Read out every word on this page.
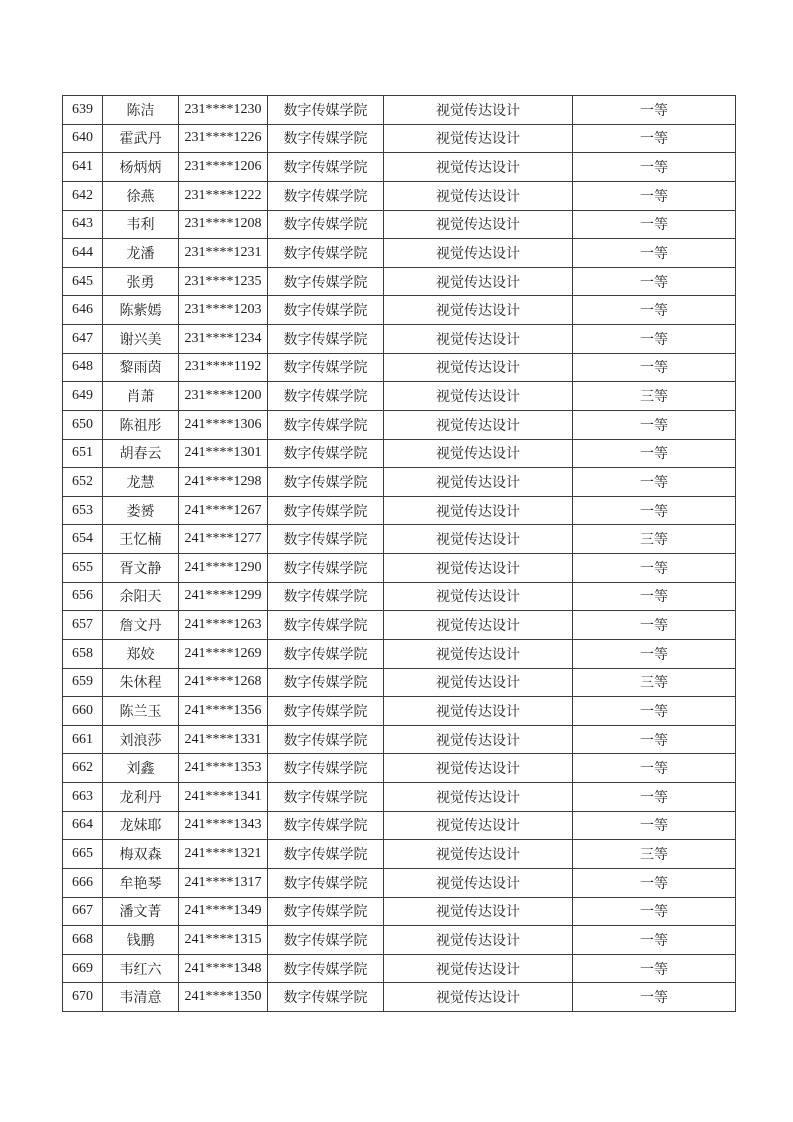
639	陈洁	231****1230	数字传媒学院	视觉传达设计	一等
640	霍武丹	231****1226	数字传媒学院	视觉传达设计	一等
641	杨炳炳	231****1206	数字传媒学院	视觉传达设计	一等
642	徐燕	231****1222	数字传媒学院	视觉传达设计	一等
643	韦利	231****1208	数字传媒学院	视觉传达设计	一等
644	龙潘	231****1231	数字传媒学院	视觉传达设计	一等
645	张勇	231****1235	数字传媒学院	视觉传达设计	一等
646	陈紫嫣	231****1203	数字传媒学院	视觉传达设计	一等
647	谢兴美	231****1234	数字传媒学院	视觉传达设计	一等
648	黎雨茵	231****1192	数字传媒学院	视觉传达设计	一等
649	肖萧	231****1200	数字传媒学院	视觉传达设计	三等
650	陈祖彤	241****1306	数字传媒学院	视觉传达设计	一等
651	胡春云	241****1301	数字传媒学院	视觉传达设计	一等
652	龙慧	241****1298	数字传媒学院	视觉传达设计	一等
653	娄赟	241****1267	数字传媒学院	视觉传达设计	一等
654	王忆楠	241****1277	数字传媒学院	视觉传达设计	三等
655	胥文静	241****1290	数字传媒学院	视觉传达设计	一等
656	余阳天	241****1299	数字传媒学院	视觉传达设计	一等
657	詹文丹	241****1263	数字传媒学院	视觉传达设计	一等
658	郑姣	241****1269	数字传媒学院	视觉传达设计	一等
659	朱休程	241****1268	数字传媒学院	视觉传达设计	三等
660	陈兰玉	241****1356	数字传媒学院	视觉传达设计	一等
661	刘浪莎	241****1331	数字传媒学院	视觉传达设计	一等
662	刘鑫	241****1353	数字传媒学院	视觉传达设计	一等
663	龙利丹	241****1341	数字传媒学院	视觉传达设计	一等
664	龙妹耶	241****1343	数字传媒学院	视觉传达设计	一等
665	梅双森	241****1321	数字传媒学院	视觉传达设计	三等
666	牟艳琴	241****1317	数字传媒学院	视觉传达设计	一等
667	潘文菁	241****1349	数字传媒学院	视觉传达设计	一等
668	钱鹏	241****1315	数字传媒学院	视觉传达设计	一等
669	韦红六	241****1348	数字传媒学院	视觉传达设计	一等
670	韦清意	241****1350	数字传媒学院	视觉传达设计	一等
